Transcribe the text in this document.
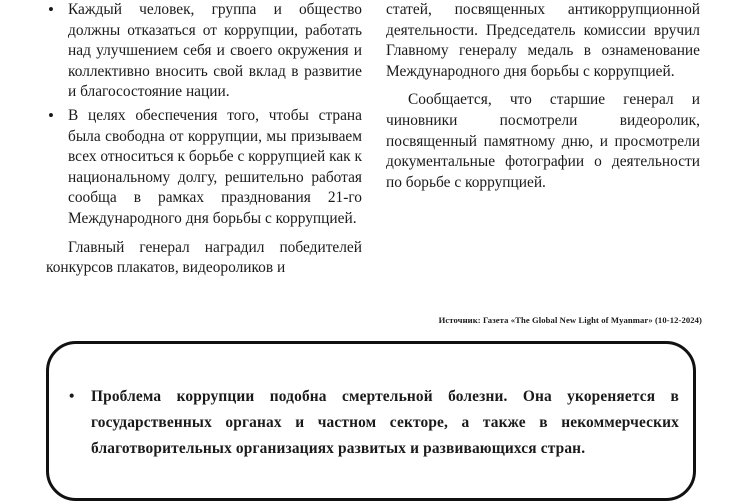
• Каждый человек, группа и общество должны отказаться от коррупции, работать над улучшением себя и своего окружения и коллективно вносить свой вклад в развитие и благосостояние нации.
• В целях обеспечения того, чтобы страна была свободна от коррупции, мы призываем всех относиться к борьбе с коррупцией как к национальному долгу, решительно работая сообща в рамках празднования 21-го Международного дня борьбы с коррупцией.

Главный генерал наградил победителей конкурсов плакатов, видеороликов и

статей, посвященных антикоррупционной деятельности. Председатель комиссии вручил Главному генералу медаль в ознаменование Международного дня борьбы с коррупцией.

Сообщается, что старшие генерал и чиновники посмотрели видеоролик, посвященный памятному дню, и просмотрели документальные фотографии о деятельности по борьбе с коррупцией.

Источник: Газета «The Global New Light of Myanmar» (10-12-2024)
• Проблема коррупции подобна смертельной болезни. Она укореняется в государственных органах и частном секторе, а также в некоммерческих благотворительных организациях развитых и развивающихся стран.
